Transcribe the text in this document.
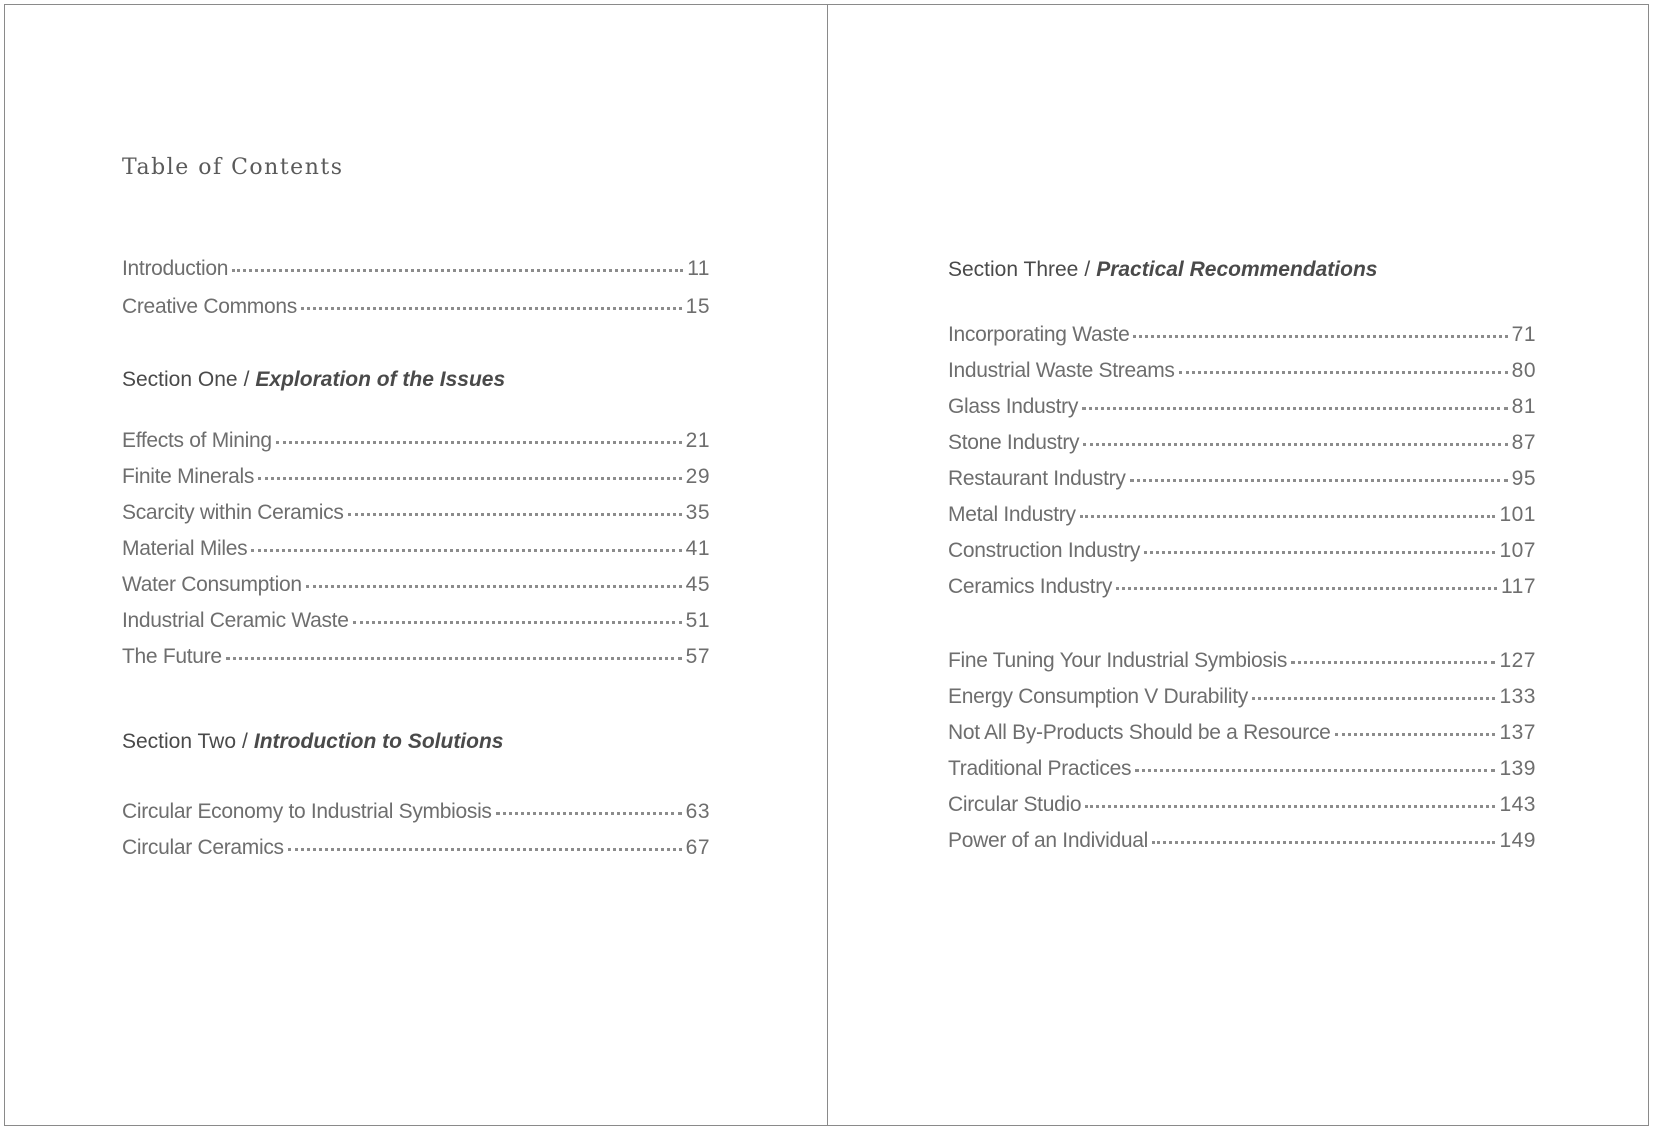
Table of Contents
Introduction	11
Creative Commons	15

Section One / Exploration of the Issues

Effects of Mining	21
Finite Minerals	29
Scarcity within Ceramics	35
Material Miles	41
Water Consumption	45
Industrial Ceramic Waste	51
The Future	57

Section Two / Introduction to Solutions

Circular Economy to Industrial Symbiosis	63
Circular Ceramics	67

Section Three / Practical Recommendations

Incorporating Waste	71
Industrial Waste Streams	80
Glass Industry	81
Stone Industry	87
Restaurant Industry	95
Metal Industry	101
Construction Industry	107
Ceramics Industry	117
Fine Tuning Your Industrial Symbiosis	127
Energy Consumption V Durability	133
Not All By-Products Should be a Resource	137
Traditional Practices	139
Circular Studio	143
Power of an Individual	149
